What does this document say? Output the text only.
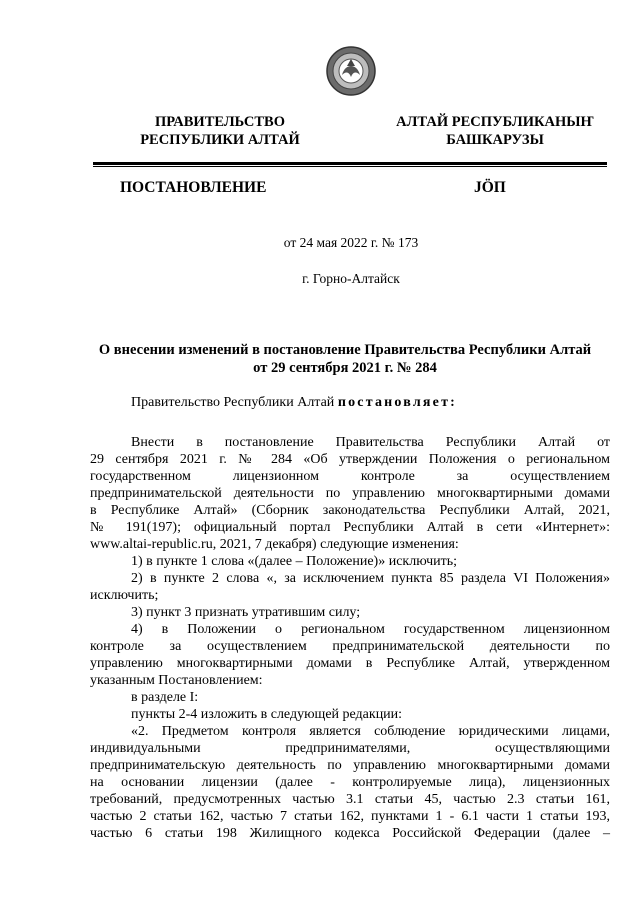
ПРАВИТЕЛЬСТВО
РЕСПУБЛИКИ АЛТАЙ
АЛТАЙ РЕСПУБЛИКАНЫҤ
БАШКАРУЗЫ
ПОСТАНОВЛЕНИЕ	JӦП
от 24 мая 2022 г. № 173
г. Горно-Алтайск
О внесении изменений в постановление Правительства Республики Алтай
от 29 сентября 2021 г. № 284

Правительство Республики Алтай постановляет:

Внести в постановление Правительства Республики Алтай от

29 сентября 2021 г. № 284 «Об утверждении Положения о региональном

государственном лицензионном контроле за осуществлением

предпринимательской деятельности по управлению многоквартирными домами

в Республике Алтай» (Сборник законодательства Республики Алтай, 2021,

№ 191(197); официальный портал Республики Алтай в сети «Интернет»:

www.altai-republic.ru, 2021, 7 декабря) следующие изменения:

1) в пункте 1 слова «(далее – Положение)» исключить;

2) в пункте 2 слова «, за исключением пункта 85 раздела VI Положения»

исключить;

3) пункт 3 признать утратившим силу;

4) в Положении о региональном государственном лицензионном

контроле за осуществлением предпринимательской деятельности по

управлению многоквартирными домами в Республике Алтай, утвержденном

указанным Постановлением:

в разделе I:

пункты 2-4 изложить в следующей редакции:

«2. Предметом контроля является соблюдение юридическими лицами,

индивидуальными предпринимателями, осуществляющими

предпринимательскую деятельность по управлению многоквартирными домами

на основании лицензии (далее - контролируемые лица), лицензионных

требований, предусмотренных частью 3.1 статьи 45, частью 2.3 статьи 161,

частью 2 статьи 162, частью 7 статьи 162, пунктами 1 - 6.1 части 1 статьи 193,

частью 6 статьи 198 Жилищного кодекса Российской Федерации (далее –
